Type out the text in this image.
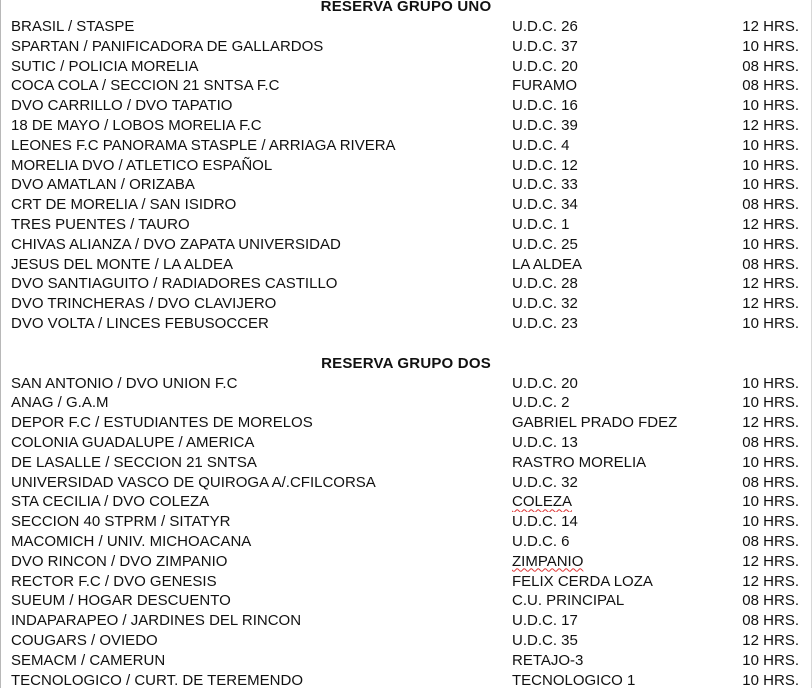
RESERVA GRUPO UNO
BRASIL / STASPE	U.D.C. 26	12 HRS.
SPARTAN / PANIFICADORA DE GALLARDOS	U.D.C. 37	10 HRS.
SUTIC / POLICIA MORELIA	U.D.C. 20	08 HRS.
COCA COLA / SECCION 21 SNTSA F.C	FURAMO	08 HRS.
DVO CARRILLO / DVO TAPATIO	U.D.C. 16	10 HRS.
18 DE MAYO / LOBOS MORELIA F.C	U.D.C. 39	12 HRS.
LEONES F.C PANORAMA STASPLE / ARRIAGA RIVERA	U.D.C. 4	10 HRS.
MORELIA DVO / ATLETICO ESPAÑOL	U.D.C. 12	10 HRS.
DVO AMATLAN / ORIZABA	U.D.C. 33	10 HRS.
CRT DE MORELIA / SAN ISIDRO	U.D.C. 34	08 HRS.
TRES PUENTES / TAURO	U.D.C. 1	12 HRS.
CHIVAS ALIANZA / DVO ZAPATA UNIVERSIDAD	U.D.C. 25	10 HRS.
JESUS DEL MONTE / LA ALDEA	LA ALDEA	08 HRS.
DVO SANTIAGUITO / RADIADORES CASTILLO	U.D.C. 28	12 HRS.
DVO TRINCHERAS / DVO CLAVIJERO	U.D.C. 32	12 HRS.
DVO VOLTA / LINCES FEBUSOCCER	U.D.C. 23	10 HRS.
RESERVA GRUPO DOS
SAN ANTONIO / DVO UNION F.C	U.D.C. 20	10 HRS.
ANAG / G.A.M	U.D.C. 2	10 HRS.
DEPOR F.C / ESTUDIANTES DE MORELOS	GABRIEL PRADO FDEZ	12 HRS.
COLONIA GUADALUPE / AMERICA	U.D.C. 13	08 HRS.
DE LASALLE / SECCION 21 SNTSA	RASTRO MORELIA	10 HRS.
UNIVERSIDAD VASCO DE QUIROGA A/.CFILCORSA	U.D.C. 32	08 HRS.
STA CECILIA / DVO COLEZA	COLEZA	10 HRS.
SECCION 40 STPRM / SITATYR	U.D.C. 14	10 HRS.
MACOMICH / UNIV. MICHOACANA	U.D.C. 6	08 HRS.
DVO RINCON / DVO ZIMPANIO	ZIMPANIO	12 HRS.
RECTOR F.C / DVO GENESIS	FELIX CERDA LOZA	12 HRS.
SUEUM / HOGAR DESCUENTO	C.U. PRINCIPAL	08 HRS.
INDAPARAPEO / JARDINES DEL RINCON	U.D.C. 17	08 HRS.
COUGARS / OVIEDO	U.D.C. 35	12 HRS.
SEMACM / CAMERUN	RETAJO-3	10 HRS.
TECNOLOGICO / CURT. DE TEREMENDO	TECNOLOGICO 1	10 HRS.
